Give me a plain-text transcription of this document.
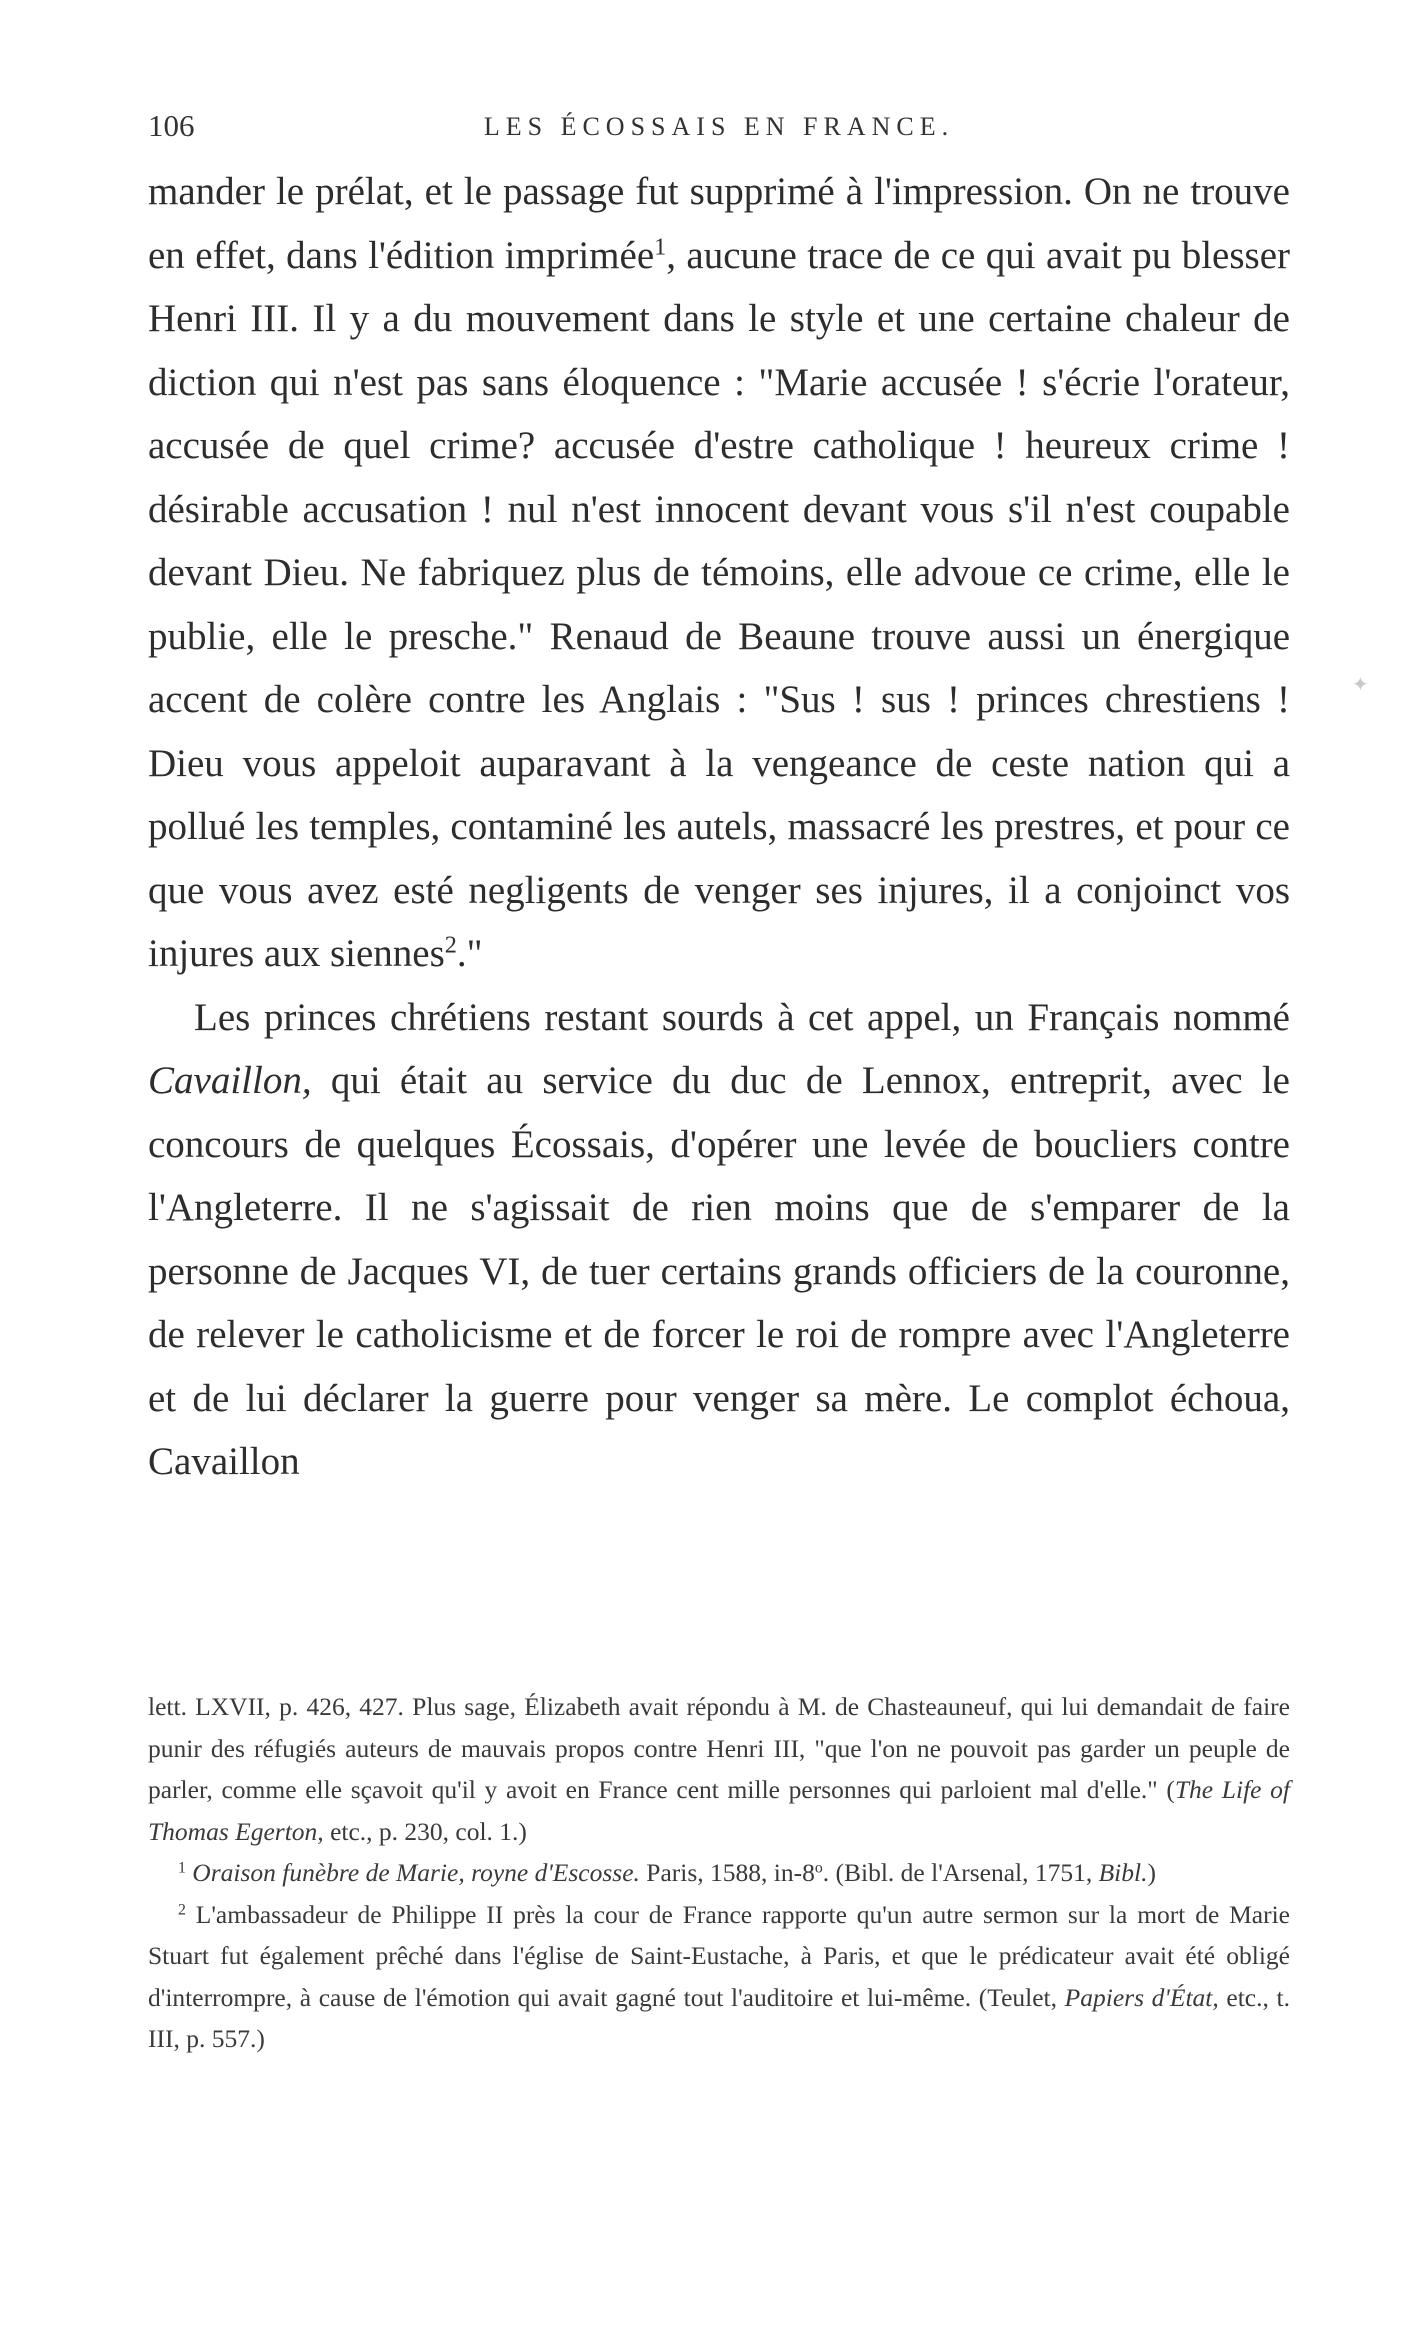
106	LES ÉCOSSAIS EN FRANCE.

mander le prélat, et le passage fut supprimé à l'impression. On ne trouve en effet, dans l'édition imprimée$^1$, aucune trace de ce qui avait pu blesser Henri III. Il y a du mouvement dans le style et une certaine chaleur de diction qui n'est pas sans éloquence : "Marie accusée ! s'écrie l'orateur, accusée de quel crime? accusée d'estre catholique ! heureux crime ! désirable accusation ! nul n'est innocent devant vous s'il n'est coupable devant Dieu. Ne fabriquez plus de témoins, elle advoue ce crime, elle le publie, elle le presche." Renaud de Beaune trouve aussi un énergique accent de colère contre les Anglais : "Sus ! sus ! princes chrestiens ! Dieu vous appeloit auparavant à la vengeance de ceste nation qui a pollué les temples, contaminé les autels, massacré les prestres, et pour ce que vous avez esté negligents de venger ses injures, il a conjoinct vos injures aux siennes$^2$."

Les princes chrétiens restant sourds à cet appel, un Français nommé Cavaillon, qui était au service du duc de Lennox, entreprit, avec le concours de quelques Écossais, d'opérer une levée de boucliers contre l'Angleterre. Il ne s'agissait de rien moins que de s'emparer de la personne de Jacques VI, de tuer certains grands officiers de la couronne, de relever le catholicisme et de forcer le roi de rompre avec l'Angleterre et de lui déclarer la guerre pour venger sa mère. Le complot échoua, Cavaillon

lett. LXVII, p. 426, 427. Plus sage, Élizabeth avait répondu à M. de Chasteauneuf, qui lui demandait de faire punir des réfugiés auteurs de mauvais propos contre Henri III, "que l'on ne pouvoit pas garder un peuple de parler, comme elle sçavoit qu'il y avoit en France cent mille personnes qui parloient mal d'elle." (The Life of Thomas Egerton, etc., p. 230, col. 1.)

$^1$ Oraison funèbre de Marie, royne d'Escosse. Paris, 1588, in-8$^o$. (Bibl. de l'Arsenal, 1751, Bibl.)

$^2$ L'ambassadeur de Philippe II près la cour de France rapporte qu'un autre sermon sur la mort de Marie Stuart fut également prêché dans l'église de Saint-Eustache, à Paris, et que le prédicateur avait été obligé d'interrompre, à cause de l'émotion qui avait gagné tout l'auditoire et lui-même. (Teulet, Papiers d'État, etc., t. III, p. 557.)

✦
